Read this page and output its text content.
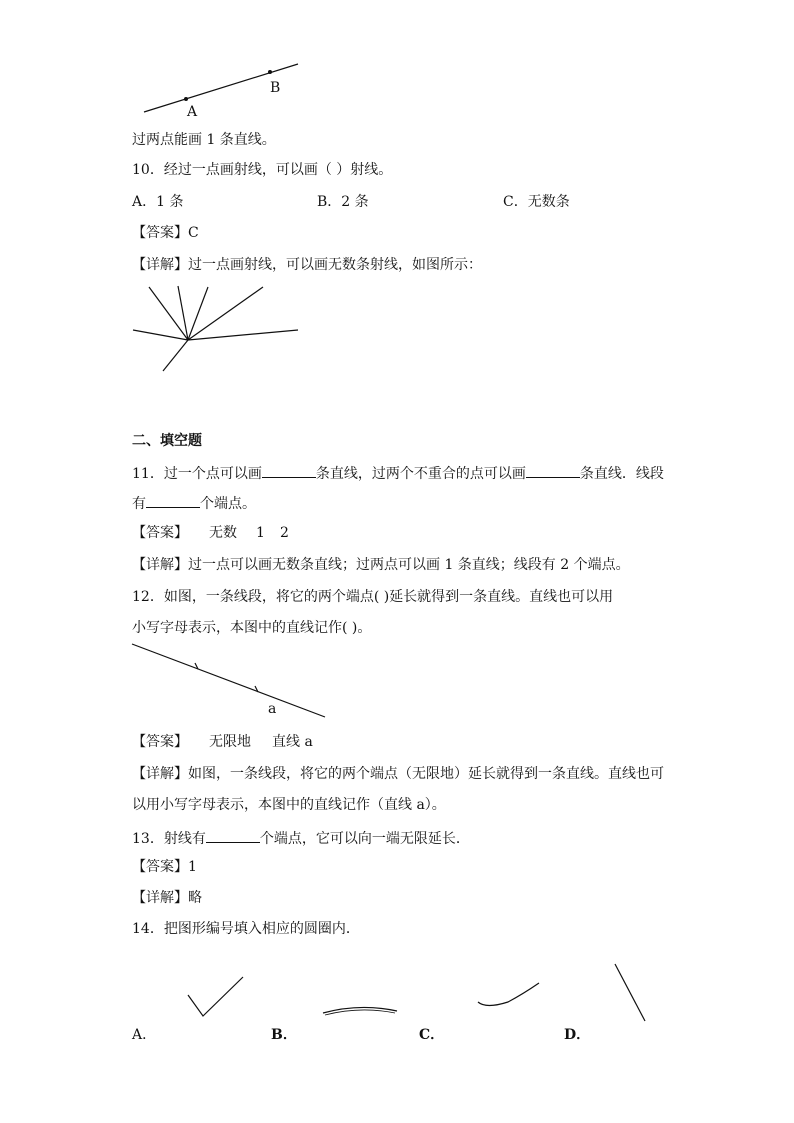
A
B
过两点能画 1 条直线。
10．经过一点画射线，可以画（ ）射线。
A．1 条	B．2 条	C．无数条
【答案】C
【详解】过一点画射线，可以画无数条射线，如图所示：
二、填空题
11．过一个点可以画	条直线，过两个不重合的点可以画	条直线．线段
有	个端点。
【答案】 无数 1 2
【详解】过一点可以画无数条直线；过两点可以画 1 条直线；线段有 2 个端点。
12．如图，一条线段，将它的两个端点( )延长就得到一条直线。直线也可以用
小写字母表示，本图中的直线记作( )。
a
【答案】 无限地 直线 a
【详解】如图，一条线段，将它的两个端点（无限地）延长就得到一条直线。直线也可
以用小写字母表示，本图中的直线记作（直线 a）。
13．射线有	个端点，它可以向一端无限延长．
【答案】1
【详解】略
14．把图形编号填入相应的圆圈内．
A．	B．	C．	D．
